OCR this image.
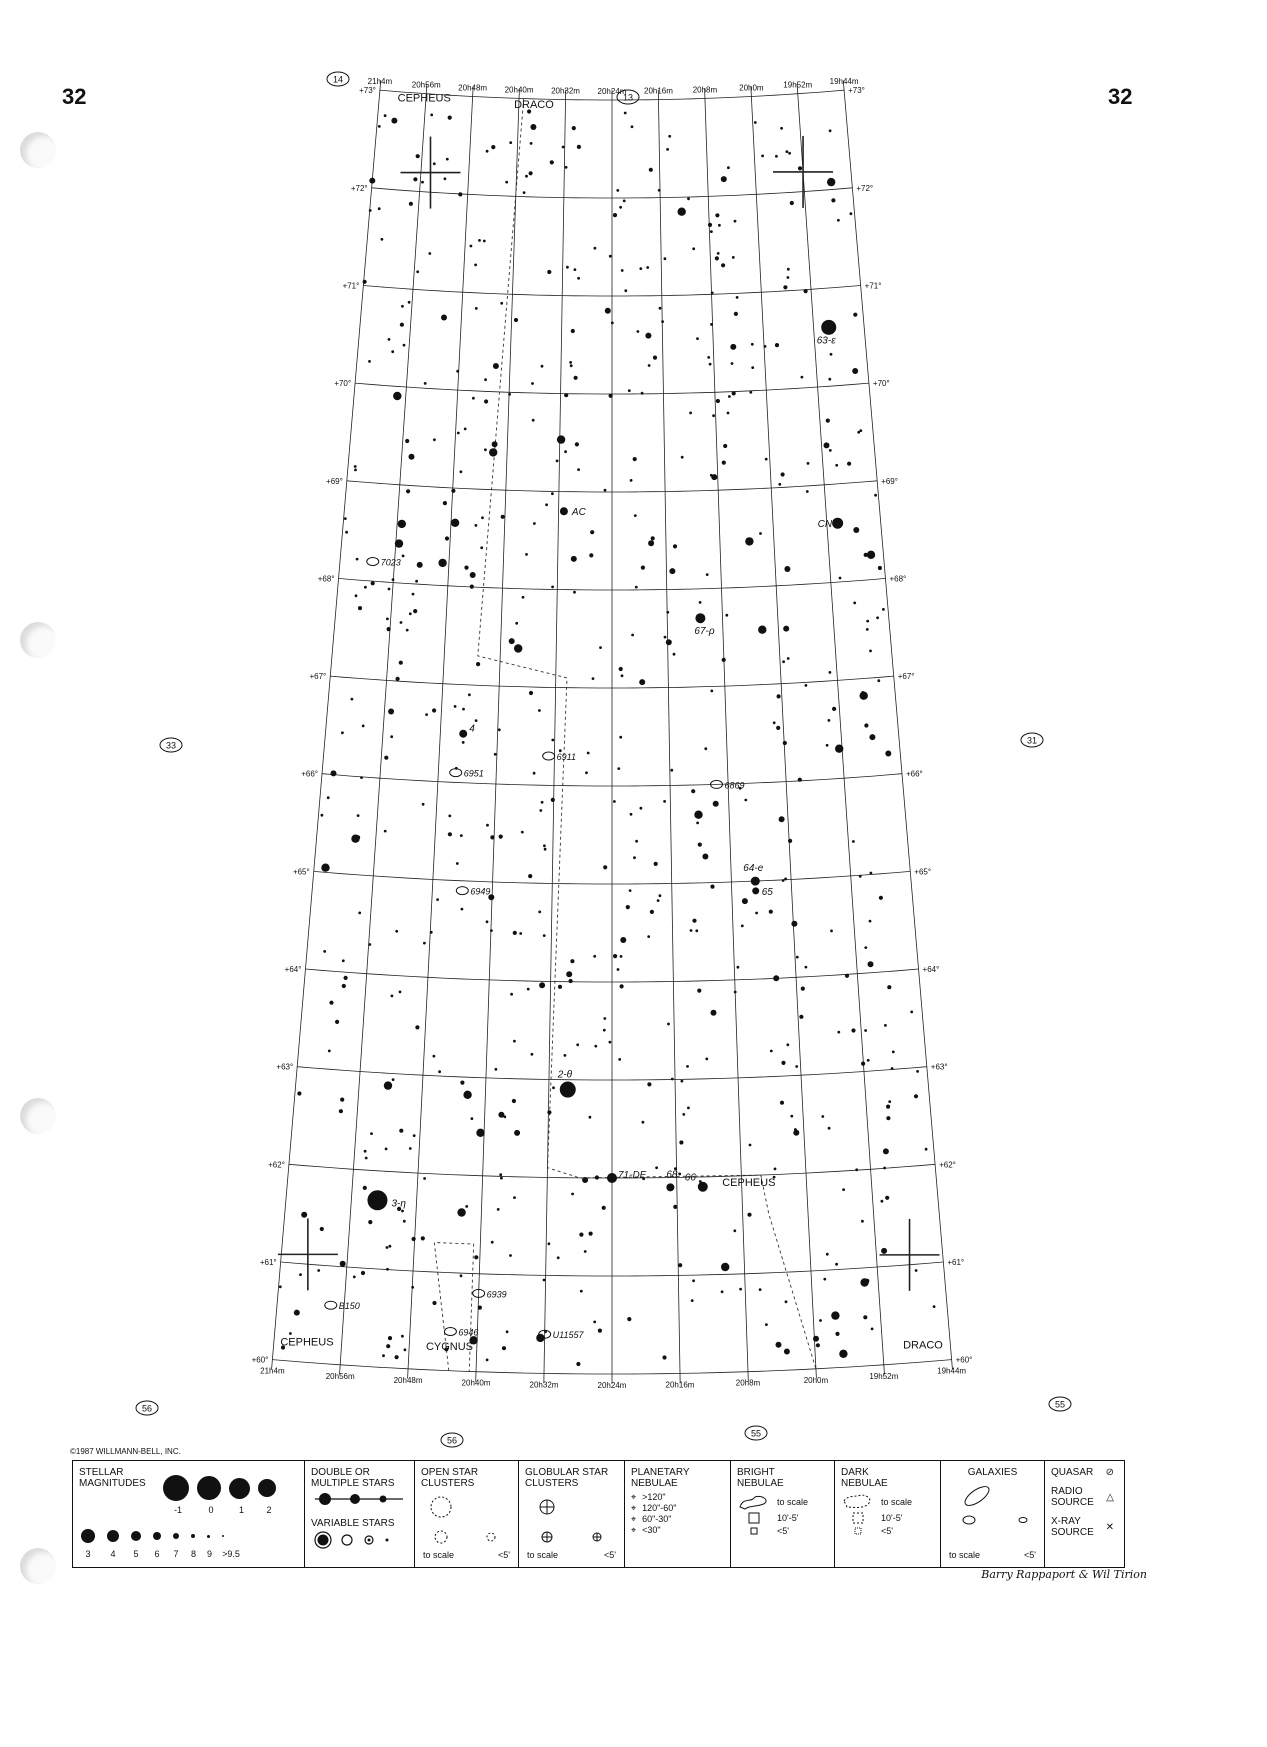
32	32
63-ε
AC
CN
67-ρ
64-e
65
2-θ
71-DE 68 66
3-η
4
7023
6911
6869
6951
6949
6939
6946	U11557
B150
CEPHEUS
DRACO
CEPHEUS
CEPHEUS	CYGNUS	DRACO
21h4m 20h56m 20h48m 20h40m 20h32m 20h24m 20h16m 20h8m	20h0m 19h52m 19h44m
21h4m
20h56m	20h48m	20h40m	20h32m	20h24m	20h16m	20h8m	20h0m	19h52m
19h44m
+73°	+73°
+72°	+72°
+71°	+71°
+70°	+70°
+69°	+69°
+68°	+68°
+67°	+67°
+66°	+66°
+65°	+65°
+64°	+64°
+63°	+63°
+62°	+62°
+61°	+61°
+60°	+60°
14
13
33	31
56
56
55
55
©1987 WILLMANN-BELL, INC.
STELLAR MAGNITUDES
-1	0	1	2
3	4	5 6 7 8 9 >9.5
DOUBLE OR MULTIPLE STARS
VARIABLE STARS
OPEN STAR CLUSTERS
to scale	<5'
GLOBULAR STAR CLUSTERS
to scale	<5'
PLANETARY NEBULAE
⌖ >120"
⌖ 120"-60"
⌖ 60"-30"
⌖ <30"
BRIGHT NEBULAE
to scale
10'-5'
<5'
DARK NEBULAE
to scale
10'-5'
<5'
GALAXIES
to scale	<5'
QUASAR ⊘
RADIO SOURCE △
X-RAY SOURCE ✕
Barry Rappaport & Wil Tirion
